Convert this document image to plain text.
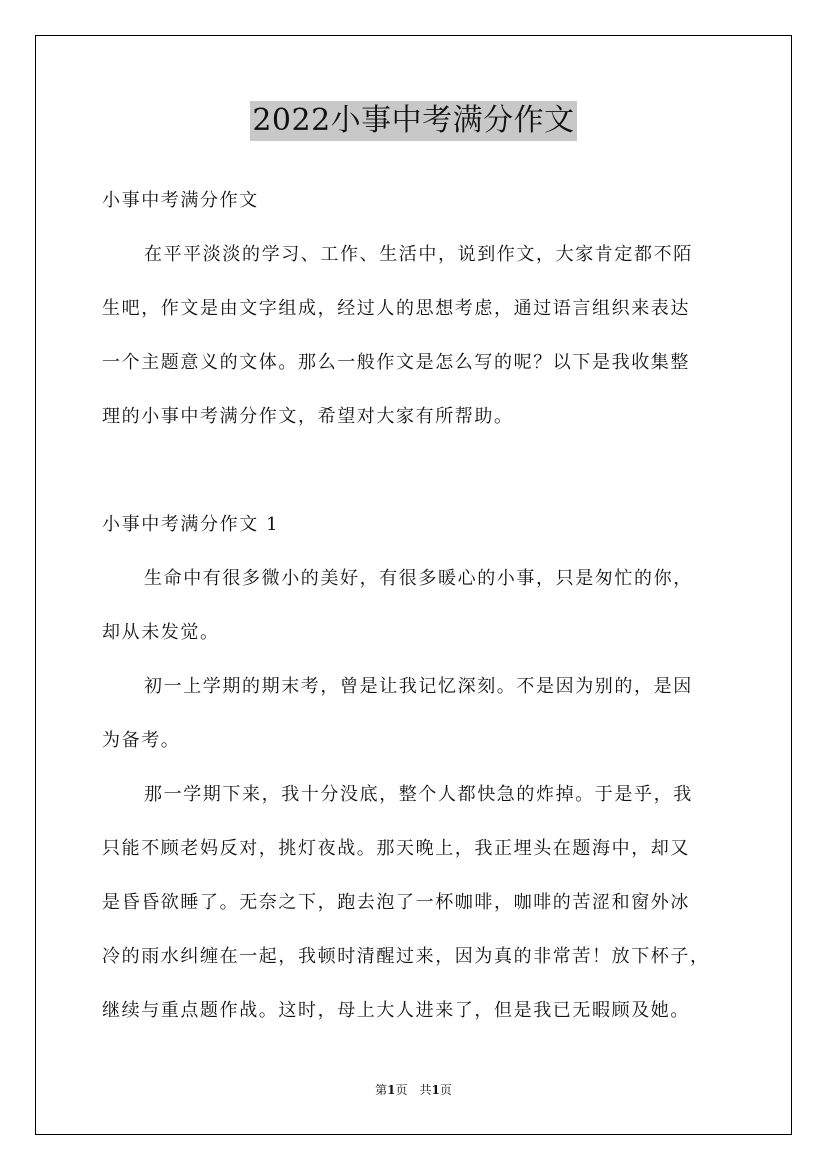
2022小事中考满分作文

小事中考满分作文

在平平淡淡的学习、工作、生活中，说到作文，大家肯定都不陌

生吧，作文是由文字组成，经过人的思想考虑，通过语言组织来表达

一个主题意义的文体。那么一般作文是怎么写的呢？以下是我收集整

理的小事中考满分作文，希望对大家有所帮助。

小事中考满分作文 1

生命中有很多微小的美好，有很多暖心的小事，只是匆忙的你，

却从未发觉。

初一上学期的期末考，曾是让我记忆深刻。不是因为别的，是因

为备考。

那一学期下来，我十分没底，整个人都快急的炸掉。于是乎，我

只能不顾老妈反对，挑灯夜战。那天晚上，我正埋头在题海中，却又

是昏昏欲睡了。无奈之下，跑去泡了一杯咖啡，咖啡的苦涩和窗外冰

冷的雨水纠缠在一起，我顿时清醒过来，因为真的非常苦！放下杯子，

继续与重点题作战。这时，母上大人进来了，但是我已无暇顾及她。

第1页　共1页
